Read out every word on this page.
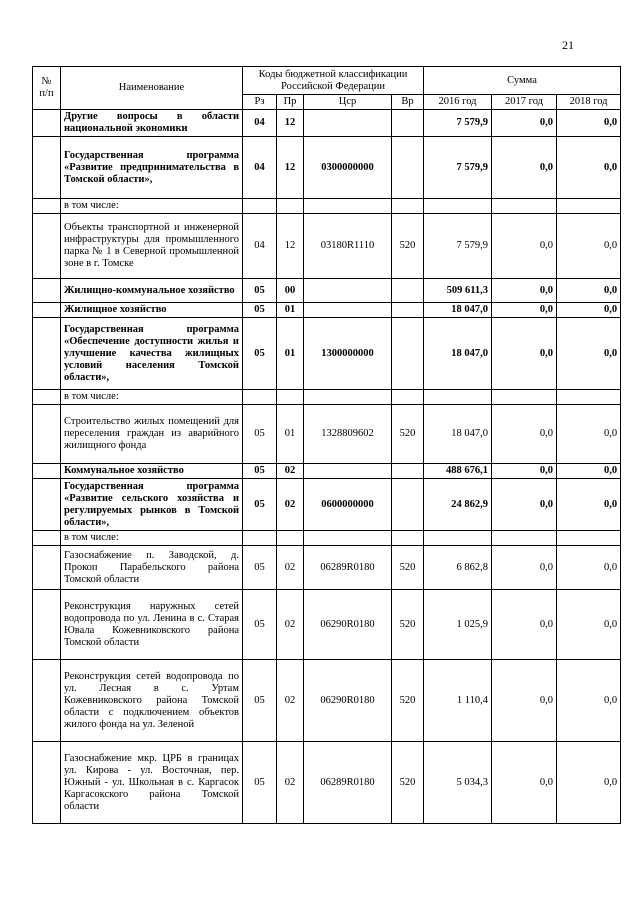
21
№ п/п	Наименование	Коды бюджетной классификации Российской Федерации				Сумма		
		Рз	Пр	Цср	Вр	2016 год	2017 год	2018 год
	Другие вопросы в области национальной экономики	04	12			7 579,9	0,0	0,0
	Государственная программа «Развитие предпринимательства в Томской области»,	04	12	0300000000		7 579,9	0,0	0,0
	в том числе:							
	Объекты транспортной и инженерной инфраструктуры для промышленного парка № 1 в Северной промышленной зоне в г. Томске	04	12	03180R1110	520	7 579,9	0,0	0,0
	Жилищно-коммунальное хозяйство	05	00			509 611,3	0,0	0,0
	Жилищное хозяйство	05	01			18 047,0	0,0	0,0
	Государственная программа «Обеспечение доступности жилья и улучшение качества жилищных условий населения Томской области»,	05	01	1300000000		18 047,0	0,0	0,0
	в том числе:							
	Строительство жилых помещений для переселения граждан из аварийного жилищного фонда	05	01	1328809602	520	18 047,0	0,0	0,0
	Коммунальное хозяйство	05	02			488 676,1	0,0	0,0
	Государственная программа «Развитие сельского хозяйства и регулируемых рынков в Томской области»,	05	02	0600000000		24 862,9	0,0	0,0
	в том числе:							
	Газоснабжение п. Заводской, д. Прокоп Парабельского района Томской области	05	02	06289R0180	520	6 862,8	0,0	0,0
	Реконструкция наружных сетей водопровода по ул. Ленина в с. Старая Ювала Кожевниковского района Томской области	05	02	06290R0180	520	1 025,9	0,0	0,0
	Реконструкция сетей водопровода по ул. Лесная в с. Уртам Кожевниковского района Томской области с подключением объектов жилого фонда на ул. Зеленой	05	02	06290R0180	520	1 110,4	0,0	0,0
	Газоснабжение мкр. ЦРБ в границах ул. Кирова - ул. Восточная, пер. Южный - ул. Школьная в с. Каргасок Каргасокского района Томской области	05	02	06289R0180	520	5 034,3	0,0	0,0
